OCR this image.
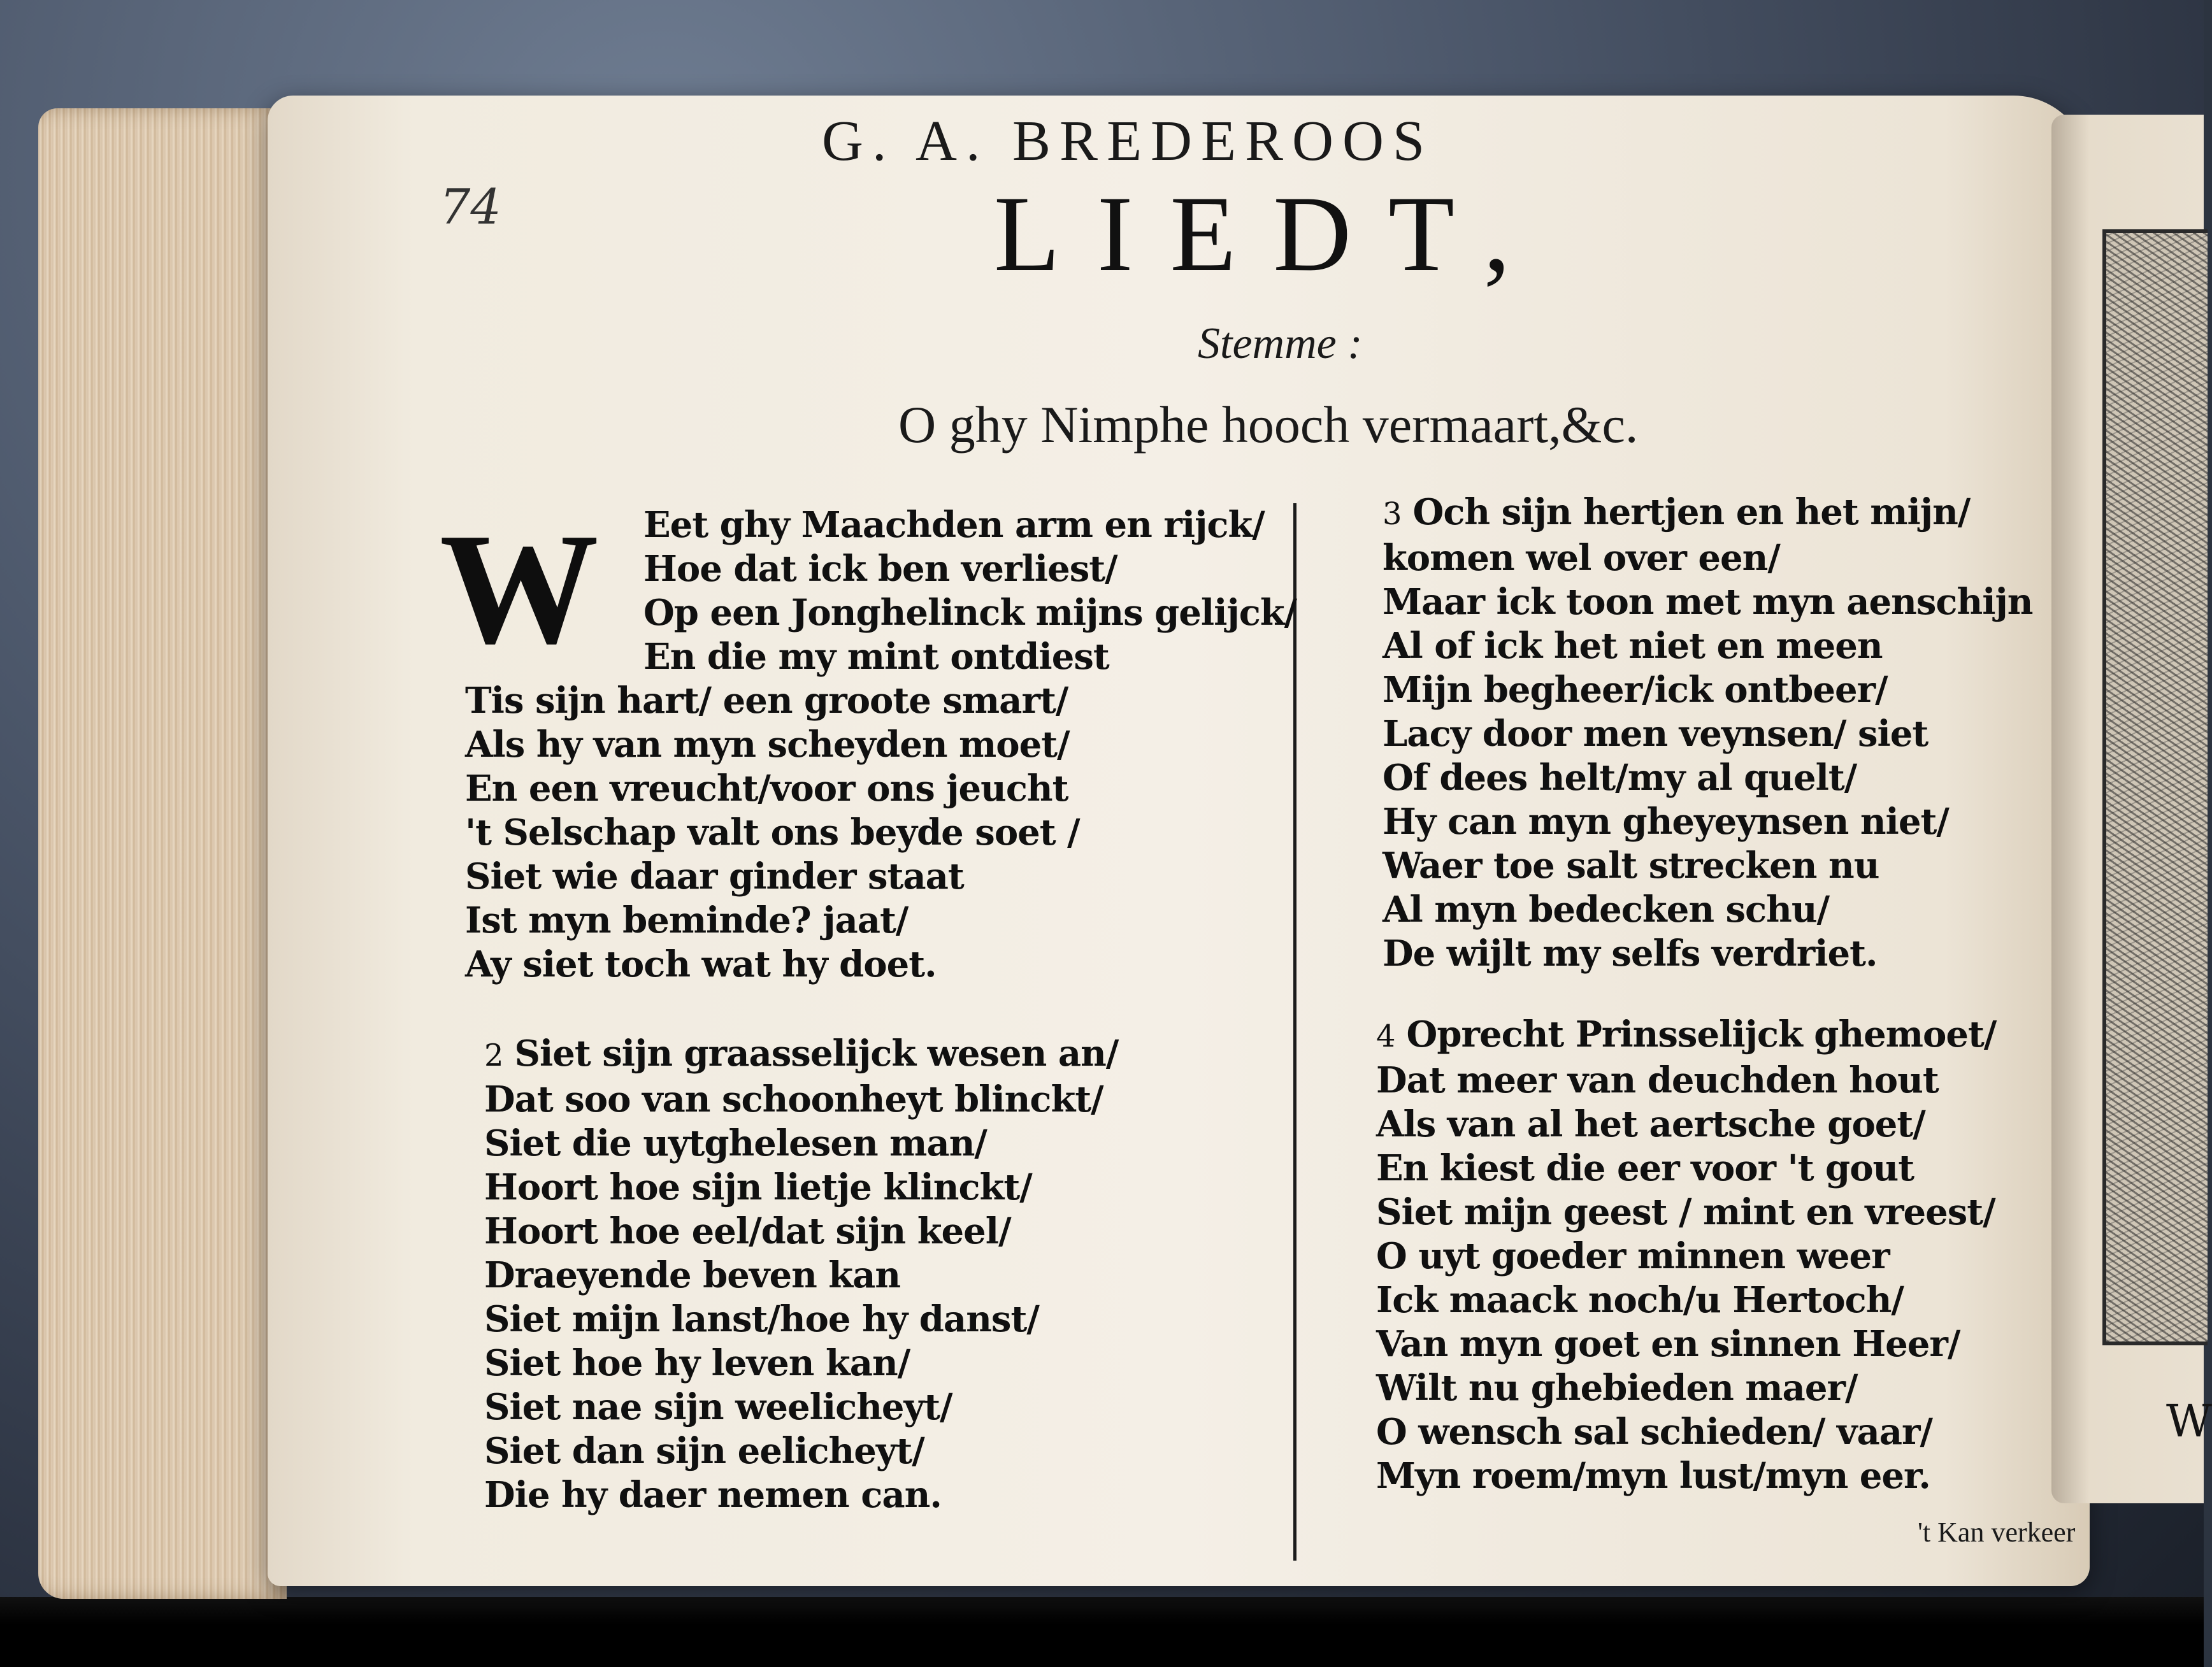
W
74
G. A. BREDEROOS
LIEDT,
Stemme :
O ghy Nimphe hooch vermaart,&c.
W Eet ghy Maachden arm en rijck/
Hoe dat ick ben verliest/
Op een Jonghelinck mijns gelijck/
En die my mint ontdiest
Tis sijn hart/ een groote smart/
Als hy van myn scheyden moet/
En een vreucht/voor ons jeucht
't Selschap valt ons beyde soet /
Siet wie daar ginder staat
Ist myn beminde? jaat/
Ay siet toch wat hy doet.
2 Siet sijn graasselijck wesen an/
Dat soo van schoonheyt blinckt/
Siet die uytghelesen man/
Hoort hoe sijn lietje klinckt/
Hoort hoe eel/dat sijn keel/
Draeyende beven kan
Siet mijn lanst/hoe hy danst/
Siet hoe hy leven kan/
Siet nae sijn weelicheyt/
Siet dan sijn eelicheyt/
Die hy daer nemen can.
3 Och sijn hertjen en het mijn/
komen wel over een/
Maar ick toon met myn aenschijn
Al of ick het niet en meen
Mijn begheer/ick ontbeer/
Lacy door men veynsen/ siet
Of dees helt/my al quelt/
Hy can myn gheyeynsen niet/
Waer toe salt strecken nu
Al myn bedecken schu/
De wijlt my selfs verdriet.
4 Oprecht Prinsselijck ghemoet/
Dat meer van deuchden hout
Als van al het aertsche goet/
En kiest die eer voor 't gout
Siet mijn geest / mint en vreest/
O uyt goeder minnen weer
Ick maack noch/u Hertoch/
Van myn goet en sinnen Heer/
Wilt nu ghebieden maer/
O wensch sal schieden/ vaar/
Myn roem/myn lust/myn eer.
't Kan verkeer
